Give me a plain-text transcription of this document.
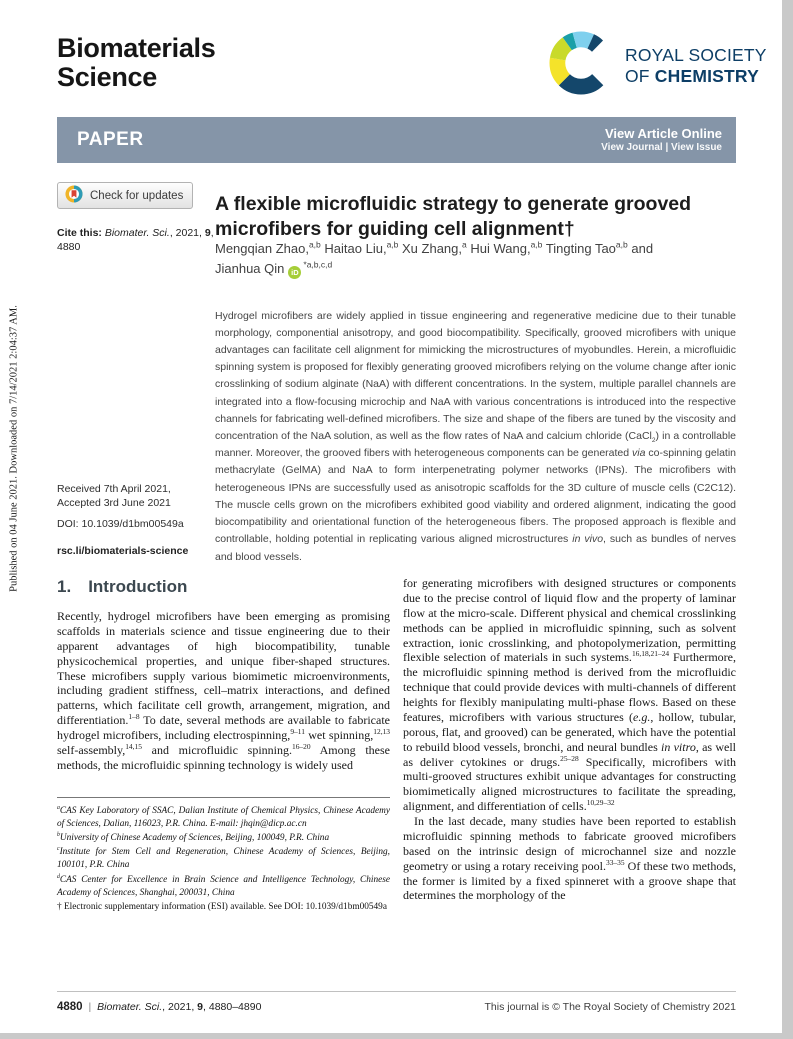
Published on 04 June 2021. Downloaded on 7/14/2021 2:04:37 AM.
Biomaterials
Science
ROYAL SOCIETY
OF CHEMISTRY
PAPER	View Article Online
View Journal | View Issue
Check for updates
Cite this: Biomater. Sci., 2021, 9, 4880
Received 7th April 2021,
Accepted 3rd June 2021
DOI: 10.1039/d1bm00549a
rsc.li/biomaterials-science
A flexible microfluidic strategy to generate grooved microfibers for guiding cell alignment†
Mengqian Zhao,$^{a,b}$ Haitao Liu,$^{a,b}$ Xu Zhang,$^a$ Hui Wang,$^{a,b}$ Tingting Tao$^{a,b}$ and
Jianhua Qin iD$^{*a,b,c,d}$

Hydrogel microfibers are widely applied in tissue engineering and regenerative medicine due to their tunable morphology, componential anisotropy, and good biocompatibility. Specifically, grooved microfibers with unique advantages can facilitate cell alignment for mimicking the microstructures of myobundles. Herein, a microfluidic spinning system is proposed for flexibly generating grooved microfibers relying on the volume change after ionic crosslinking of sodium alginate (NaA) with different concentrations. In the system, multiple parallel channels are integrated into a flow-focusing microchip and NaA with various concentrations is introduced into the respective channels for fabricating well-defined microfibers. The size and shape of the fibers are tuned by the viscosity and concentration of the NaA solution, as well as the flow rates of NaA and calcium chloride (CaCl$_2$) in a controllable manner. Moreover, the grooved fibers with heterogeneous components can be generated via co-spinning gelatin methacrylate (GelMA) and NaA to form interpenetrating polymer networks (IPNs). The microfibers with heterogeneous IPNs are successfully used as anisotropic scaffolds for the 3D culture of muscle cells (C2C12). The muscle cells grown on the microfibers exhibited good viability and ordered alignment, indicating the good biocompatibility and orientational function of the heterogeneous fibers. The proposed approach is flexible and controllable, holding potential in replicating various aligned microstructures in vivo, such as bundles of nerves and blood vessels.

1. Introduction

Recently, hydrogel microfibers have been emerging as promising scaffolds in materials science and tissue engineering due to their apparent advantages of high biocompatibility, tunable physicochemical properties, and unique fiber-shaped structures. These microfibers supply various biomimetic microenvironments, including gradient stiffness, cell–matrix interactions, and defined patterns, which facilitate cell growth, arrangement, migration, and differentiation.$^{1-8}$ To date, several methods are available to fabricate hydrogel microfibers, including electrospinning,$^{9-11}$ wet spinning,$^{12,13}$ self-assembly,$^{14,15}$ and microfluidic spinning.$^{16-20}$ Among these methods, the microfluidic spinning technology is widely used

$^a$CAS Key Laboratory of SSAC, Dalian Institute of Chemical Physics, Chinese Academy of Sciences, Dalian, 116023, P.R. China. E-mail: jhqin@dicp.ac.cn

$^b$University of Chinese Academy of Sciences, Beijing, 100049, P.R. China

$^c$Institute for Stem Cell and Regeneration, Chinese Academy of Sciences, Beijing, 100101, P.R. China

$^d$CAS Center for Excellence in Brain Science and Intelligence Technology, Chinese Academy of Sciences, Shanghai, 200031, China

† Electronic supplementary information (ESI) available. See DOI: 10.1039/d1bm00549a

for generating microfibers with designed structures or components due to the precise control of liquid flow and the property of laminar flow at the micro-scale. Different physical and chemical crosslinking methods can be applied in microfluidic spinning, such as solvent extraction, ionic crosslinking, and photopolymerization, permitting flexible selection of materials in such systems.$^{16,18,21-24}$ Furthermore, the microfluidic spinning method is derived from the microfluidic technique that could provide devices with multi-channels of different heights for flexibly manipulating multi-phase flows. Based on these features, microfibers with various structures (e.g., hollow, tubular, porous, flat, and grooved) can be generated, which have the potential to rebuild blood vessels, bronchi, and neural bundles in vitro, as well as deliver cytokines or drugs.$^{25-28}$ Specifically, microfibers with multi-grooved structures exhibit unique advantages for constructing biomimetically aligned microstructures to facilitate the spreading, alignment, and differentiation of cells.$^{10,29-32}$

In the last decade, many studies have been reported to establish microfluidic spinning methods to fabricate grooved microfibers based on the intrinsic design of microchannel size and nozzle geometry or using a rotary receiving pool.$^{33-35}$ Of these two methods, the former is limited by a fixed spinneret with a groove shape that determines the morphology of the

4880 | Biomater. Sci., 2021, 9, 4880–4890	This journal is © The Royal Society of Chemistry 2021
